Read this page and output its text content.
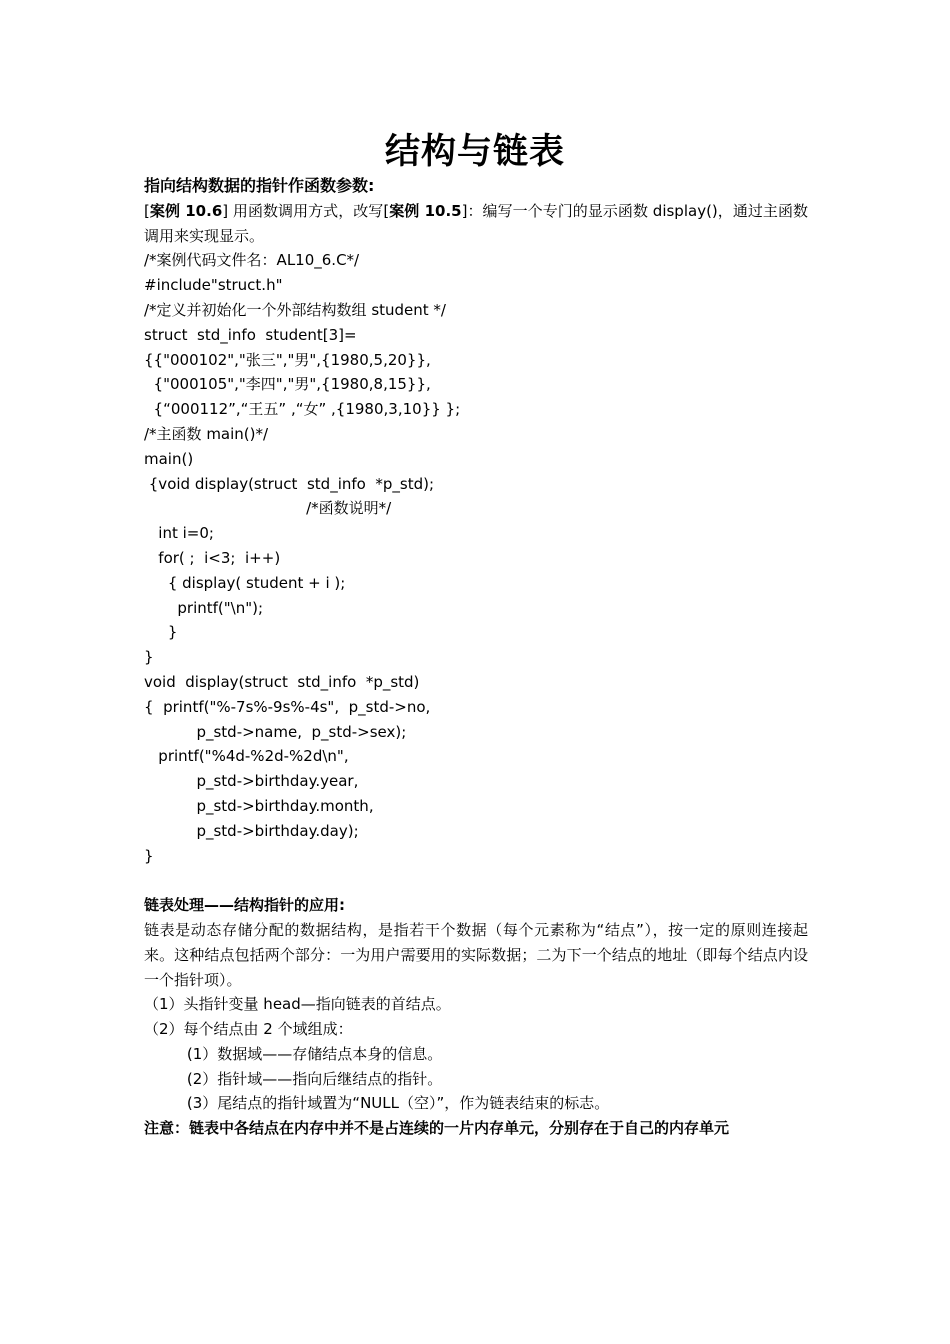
结构与链表
指向结构数据的指针作函数参数:
[案例 10.6] 用函数调用方式，改写[案例 10.5]：编写一个专门的显示函数 display()，通过主函数调用来实现显示。
/*案例代码文件名：AL10_6.C*/
#include"struct.h"
/*定义并初始化一个外部结构数组 student */
struct  std_info  student[3]=
{{"000102","张三","男",{1980,5,20}},
{"000105","李四","男",{1980,8,15}},
{“000112”,“王五” ,“女” ,{1980,3,10}} };
/*主函数 main()*/
main()
{void display(struct  std_info  *p_std);
/*函数说明*/
int i=0;
for( ;  i<3;  i++)
{ display( student + i );
printf("\n");
}
}
void  display(struct  std_info  *p_std)
{  printf("%-7s%-9s%-4s",  p_std->no,
p_std->name,  p_std->sex);
printf("%4d-%2d-%2d\n",
p_std->birthday.year,
p_std->birthday.month,
p_std->birthday.day);
}
链表处理——结构指针的应用:
链表是动态存储分配的数据结构，是指若干个数据（每个元素称为“结点”），按一定的原则连接起来。这种结点包括两个部分：一为用户需要用的实际数据；二为下一个结点的地址（即每个结点内设一个指针项）。
（1）头指针变量 head—指向链表的首结点。
（2）每个结点由 2 个域组成：
(1）数据域——存储结点本身的信息。
(2）指针域——指向后继结点的指针。
(3）尾结点的指针域置为“NULL（空）”，作为链表结束的标志。
注意：链表中各结点在内存中并不是占连续的一片内存单元，分别存在于自己的内存单元
